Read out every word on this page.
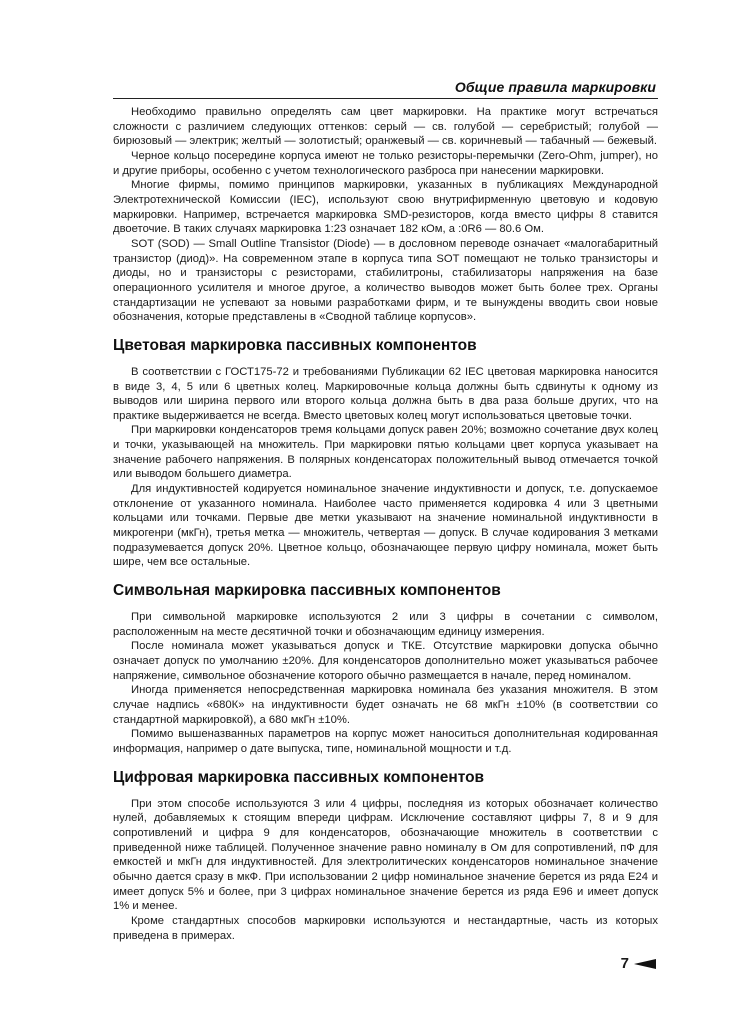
Общие правила маркировки

Необходимо правильно определять сам цвет маркировки. На практике могут встречаться сложности с различием следующих оттенков: серый — св. голубой — серебристый; голубой — бирюзовый — электрик; желтый — золотистый; оранжевый — св. коричневый — табачный — бежевый.

Черное кольцо посередине корпуса имеют не только резисторы-перемычки (Zero-Ohm, jumper), но и другие приборы, особенно с учетом технологического разброса при нанесении маркировки.

Многие фирмы, помимо принципов маркировки, указанных в публикациях Международной Электротехнической Комиссии (IEC), используют свою внутрифирменную цветовую и кодовую маркировки. Например, встречается маркировка SMD-резисторов, когда вместо цифры 8 ставится двоеточие. В таких случаях маркировка 1:23 означает 182 кОм, а :0R6 — 80.6 Ом.

SOT (SOD) — Small Outline Transistor (Diode) — в дословном переводе означает «малогабаритный транзистор (диод)». На современном этапе в корпуса типа SOT помещают не только транзисторы и диоды, но и транзисторы с резисторами, стабилитроны, стабилизаторы напряжения на базе операционного усилителя и многое другое, а количество выводов может быть более трех. Органы стандартизации не успевают за новыми разработками фирм, и те вынуждены вводить свои новые обозначения, которые представлены в «Сводной таблице корпусов».

Цветовая маркировка пассивных компонентов

В соответствии с ГОСТ175-72 и требованиями Публикации 62 IEC цветовая маркировка наносится в виде 3, 4, 5 или 6 цветных колец. Маркировочные кольца должны быть сдвинуты к одному из выводов или ширина первого или второго кольца должна быть в два раза больше других, что на практике выдерживается не всегда. Вместо цветовых колец могут использоваться цветовые точки.

При маркировки конденсаторов тремя кольцами допуск равен 20%; возможно сочетание двух колец и точки, указывающей на множитель. При маркировки пятью кольцами цвет корпуса указывает на значение рабочего напряжения. В полярных конденсаторах положительный вывод отмечается точкой или выводом большего диаметра.

Для индуктивностей кодируется номинальное значение индуктивности и допуск, т.е. допускаемое отклонение от указанного номинала. Наиболее часто применяется кодировка 4 или 3 цветными кольцами или точками. Первые две метки указывают на значение номинальной индуктивности в микрогенри (мкГн), третья метка — множитель, четвертая — допуск. В случае кодирования 3 метками подразумевается допуск 20%. Цветное кольцо, обозначающее первую цифру номинала, может быть шире, чем все остальные.

Символьная маркировка пассивных компонентов

При символьной маркировке используются 2 или 3 цифры в сочетании с символом, расположенным на месте десятичной точки и обозначающим единицу измерения.

После номинала может указываться допуск и ТКЕ. Отсутствие маркировки допуска обычно означает допуск по умолчанию ±20%. Для конденсаторов дополнительно может указываться рабочее напряжение, символьное обозначение которого обычно размещается в начале, перед номиналом.

Иногда применяется непосредственная маркировка номинала без указания множителя. В этом случае надпись «680К» на индуктивности будет означать не 68 мкГн ±10% (в соответствии со стандартной маркировкой), а 680 мкГн ±10%.

Помимо вышеназванных параметров на корпус может наноситься дополнительная кодированная информация, например о дате выпуска, типе, номинальной мощности и т.д.

Цифровая маркировка пассивных компонентов

При этом способе используются 3 или 4 цифры, последняя из которых обозначает количество нулей, добавляемых к стоящим впереди цифрам. Исключение составляют цифры 7, 8 и 9 для сопротивлений и цифра 9 для конденсаторов, обозначающие множитель в соответствии с приведенной ниже таблицей. Полученное значение равно номиналу в Ом для сопротивлений, пФ для емкостей и мкГн для индуктивностей. Для электролитических конденсаторов номинальное значение обычно дается сразу в мкФ. При использовании 2 цифр номинальное значение берется из ряда Е24 и имеет допуск 5% и более, при 3 цифрах номинальное значение берется из ряда Е96 и имеет допуск 1% и менее.

Кроме стандартных способов маркировки используются и нестандартные, часть из которых приведена в примерах.

7
